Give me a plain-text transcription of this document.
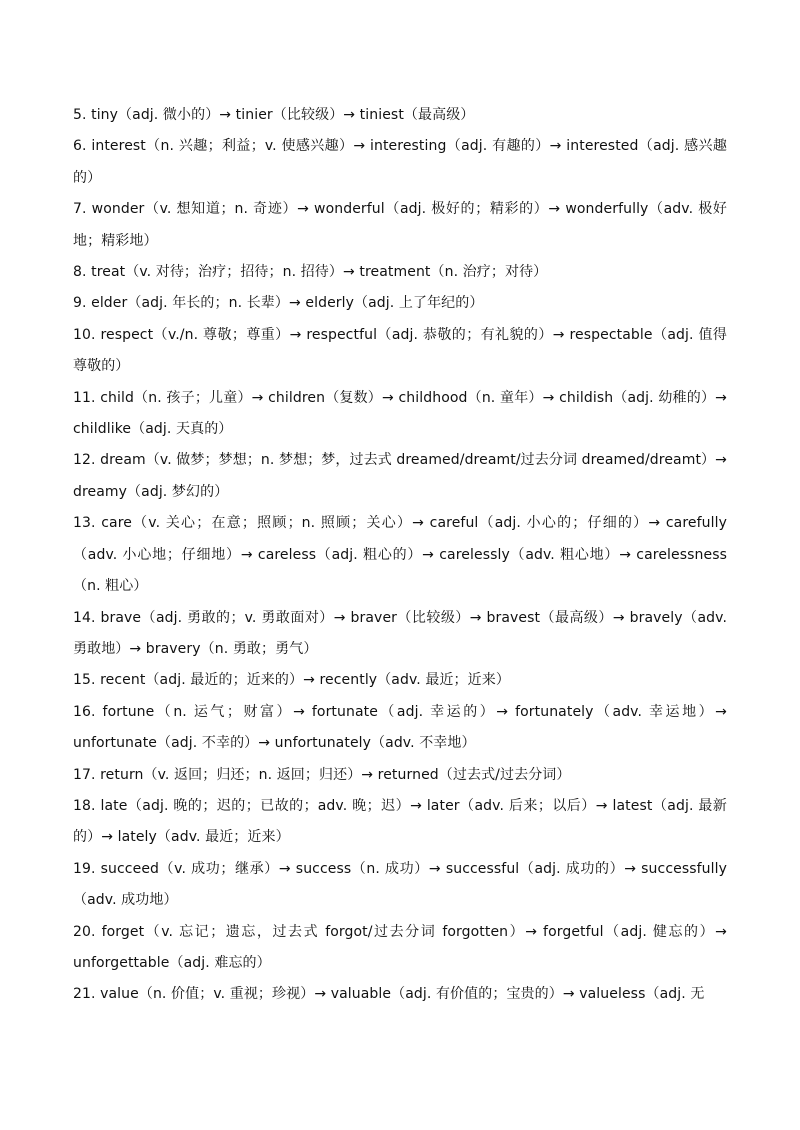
5. tiny（adj. 微小的）→ tinier（比较级）→ tiniest（最高级）
6. interest（n. 兴趣；利益；v. 使感兴趣）→ interesting（adj. 有趣的）→ interested（adj. 感兴趣的）
7. wonder（v. 想知道；n. 奇迹）→ wonderful（adj. 极好的；精彩的）→ wonderfully（adv. 极好地；精彩地）
8. treat（v. 对待；治疗；招待；n. 招待）→ treatment（n. 治疗；对待）
9. elder（adj. 年长的；n. 长辈）→ elderly（adj. 上了年纪的）
10. respect（v./n. 尊敬；尊重）→ respectful（adj. 恭敬的；有礼貌的）→ respectable（adj. 值得尊敬的）
11. child（n. 孩子；儿童）→ children（复数）→ childhood（n. 童年）→ childish（adj. 幼稚的）→ childlike（adj. 天真的）
12. dream（v. 做梦；梦想；n. 梦想；梦，过去式 dreamed/dreamt/过去分词 dreamed/dreamt）→ dreamy（adj. 梦幻的）
13. care（v. 关心；在意；照顾；n. 照顾；关心）→ careful（adj. 小心的；仔细的）→ carefully（adv. 小心地；仔细地）→ careless（adj. 粗心的）→ carelessly（adv. 粗心地）→ carelessness（n. 粗心）
14. brave（adj. 勇敢的；v. 勇敢面对）→ braver（比较级）→ bravest（最高级）→ bravely（adv. 勇敢地）→ bravery（n. 勇敢；勇气）
15. recent（adj. 最近的；近来的）→ recently（adv. 最近；近来）
16. fortune（n. 运气；财富）→ fortunate（adj. 幸运的）→ fortunately（adv. 幸运地）→ unfortunate（adj. 不幸的）→ unfortunately（adv. 不幸地）
17. return（v. 返回；归还；n. 返回；归还）→ returned（过去式/过去分词）
18. late（adj. 晚的；迟的；已故的；adv. 晚；迟）→ later（adv. 后来；以后）→ latest（adj. 最新的）→ lately（adv. 最近；近来）
19. succeed（v. 成功；继承）→ success（n. 成功）→ successful（adj. 成功的）→ successfully（adv. 成功地）
20. forget（v. 忘记；遗忘，过去式 forgot/过去分词 forgotten）→ forgetful（adj. 健忘的）→ unforgettable（adj. 难忘的）
21. value（n. 价值；v. 重视；珍视）→ valuable（adj. 有价值的；宝贵的）→ valueless（adj. 无
